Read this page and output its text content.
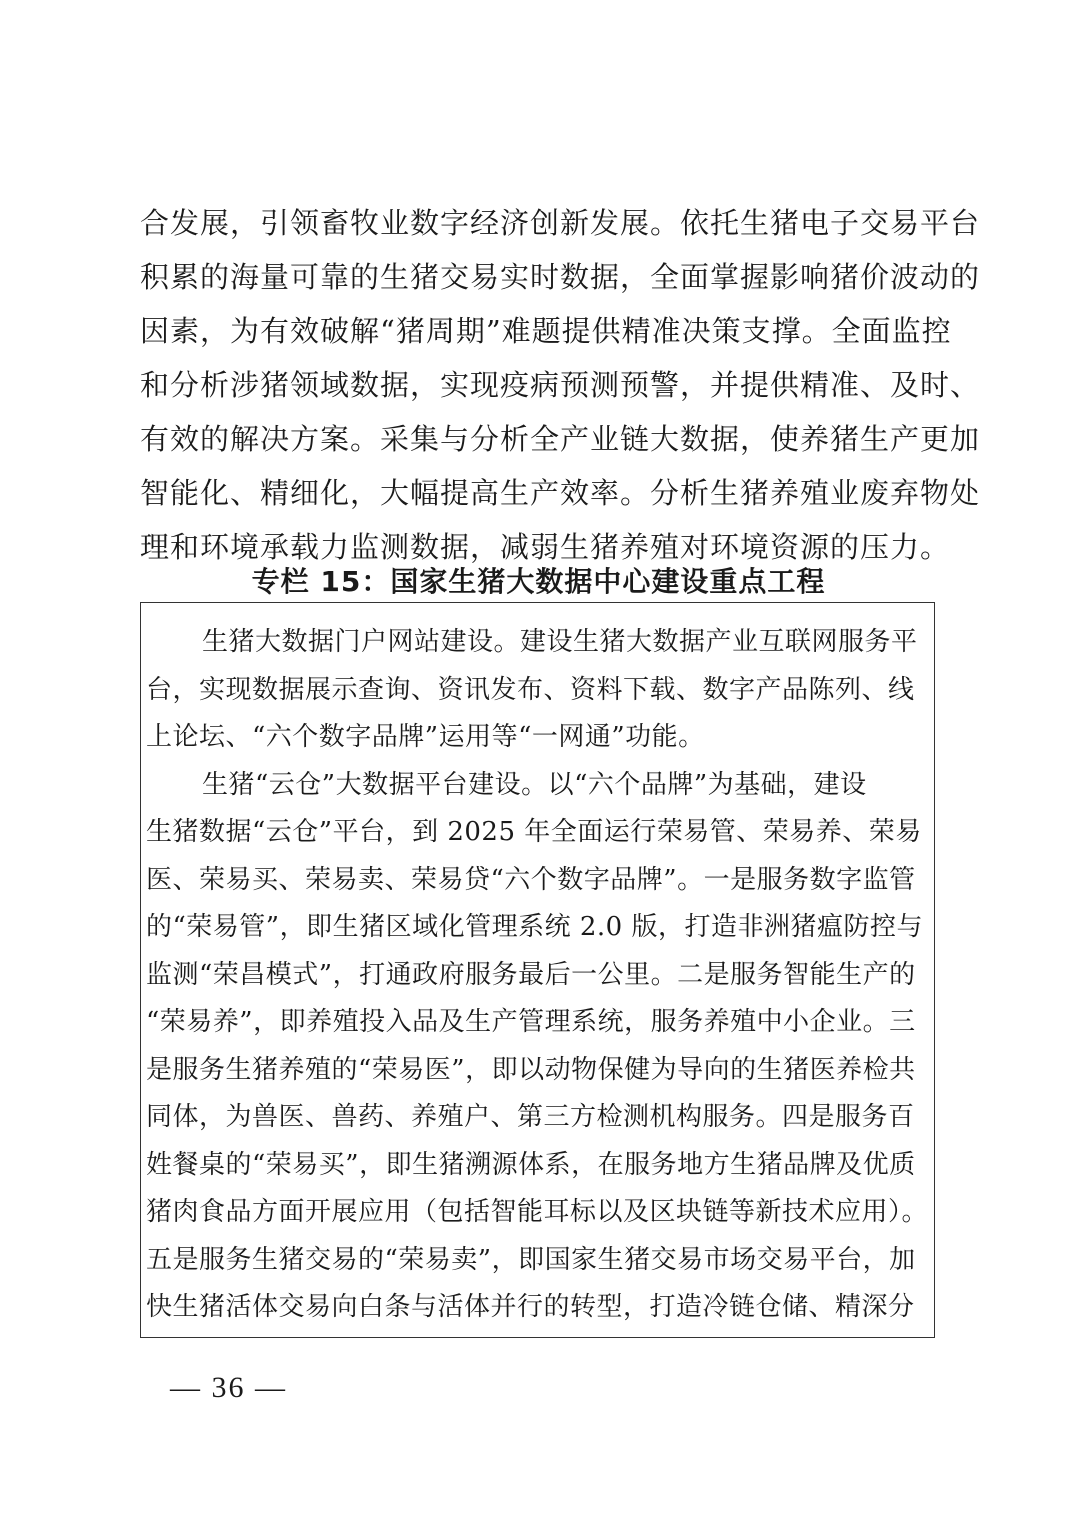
合发展，引领畜牧业数字经济创新发展。依托生猪电子交易平台
积累的海量可靠的生猪交易实时数据，全面掌握影响猪价波动的
因素，为有效破解“猪周期”难题提供精准决策支撑。全面监控
和分析涉猪领域数据，实现疫病预测预警，并提供精准、及时、
有效的解决方案。采集与分析全产业链大数据，使养猪生产更加
智能化、精细化，大幅提高生产效率。分析生猪养殖业废弃物处
理和环境承载力监测数据，减弱生猪养殖对环境资源的压力。
专栏 15：国家生猪大数据中心建设重点工程
生猪大数据门户网站建设。建设生猪大数据产业互联网服务平
台，实现数据展示查询、资讯发布、资料下载、数字产品陈列、线
上论坛、“六个数字品牌”运用等“一网通”功能。
生猪“云仓”大数据平台建设。以“六个品牌”为基础，建设
生猪数据“云仓”平台，到 2025 年全面运行荣易管、荣易养、荣易
医、荣易买、荣易卖、荣易贷“六个数字品牌”。一是服务数字监管
的“荣易管”，即生猪区域化管理系统 2.0 版，打造非洲猪瘟防控与
监测“荣昌模式”，打通政府服务最后一公里。二是服务智能生产的
“荣易养”，即养殖投入品及生产管理系统，服务养殖中小企业。三
是服务生猪养殖的“荣易医”，即以动物保健为导向的生猪医养检共
同体，为兽医、兽药、养殖户、第三方检测机构服务。四是服务百
姓餐桌的“荣易买”，即生猪溯源体系，在服务地方生猪品牌及优质
猪肉食品方面开展应用（包括智能耳标以及区块链等新技术应用）。
五是服务生猪交易的“荣易卖”，即国家生猪交易市场交易平台，加
快生猪活体交易向白条与活体并行的转型，打造冷链仓储、精深分
— 36 —
